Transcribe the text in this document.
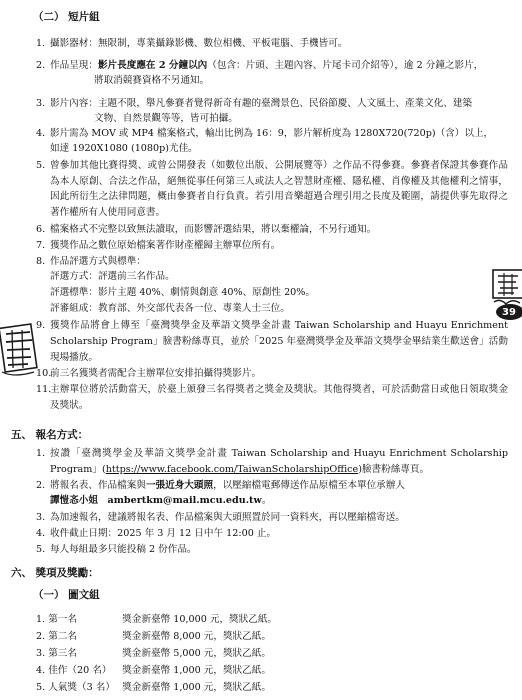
（二） 短片組
1. 攝影器材：無限制，專業攝錄影機、數位相機、平板電腦、手機皆可。
2. 作品呈現：影片長度應在 2 分鐘以內（包含：片頭、主題內容、片尾卡司介紹等），逾 2 分鐘之影片，
將取消競賽資格不另通知。
3. 影片內容：主題不限，舉凡參賽者覺得新奇有趣的臺灣景色、民俗節慶、人文風土、產業文化、建築
文物、自然景觀等等，皆可拍攝。
4. 影片需為 MOV 或 MP4 檔案格式，輸出比例為 16：9，影片解析度為 1280X720(720p)（含）以上，
如達 1920X1080 (1080p)尤佳。
5. 曾參加其他比賽得獎、或曾公開發表（如數位出版、公開展覽等）之作品不得參賽。參賽者保證其參賽作品為本人原創、合法之作品，絕無從事任何第三人或法人之智慧財產權、隱私權、肖像權及其他權利之情事，因此所衍生之法律問題，概由參賽者自行負責。若引用音樂超過合理引用之長度及範圍，請提供事先取得之著作權所有人使用同意書。
6. 檔案格式不完整以致無法讀取，而影響評選結果，將以棄權論，不另行通知。
7. 獲獎作品之數位原始檔案著作財產權歸主辦單位所有。
8. 作品評選方式與標準：
評選方式：評選前三名作品。
評選標準：影片主題 40%、劇情與創意 40%、原創性 20%。
評審組成：教育部、外交部代表各一位、專業人士三位。
9. 獲獎作品將會上傳至「臺灣獎學金及華語文獎學金計畫 Taiwan Scholarship and Huayu Enrichment Scholarship Program」臉書粉絲專頁，並於「2025 年臺灣獎學金及華語文獎學金畢結業生歡送會」活動現場播放。
10.
前三名獲獎者需配合主辦單位安排拍攝得獎影片。
11.
主辦單位將於活動當天，於臺上頒發三名得獎者之獎金及獎狀。其他得獎者，可於活動當日或他日領取獎金及獎狀。
五、 報名方式：
1. 按讚「臺灣獎學金及華語文獎學金計畫 Taiwan Scholarship and Huayu Enrichment Scholarship Program」(https://www.facebook.com/TaiwanScholarshipOffice)臉書粉絲專頁。
2. 將報名表、作品檔案與一張近身大頭照，以壓縮檔電郵傳送作品原檔至本單位承辦人
譚愷忞小姐　ambertkm@mail.mcu.edu.tw。
3. 為加速報名，建議將報名表、作品檔案與大頭照置於同一資料夾，再以壓縮檔寄送。
4. 收件截止日期：2025 年 3 月 12 日中午 12:00 止。
5. 每人每組最多只能投稿 2 份作品。
六、 獎項及獎勵：
（一） 圖文組
1. 第一名	獎金新臺幣 10,000 元，獎狀乙紙。
2. 第二名	獎金新臺幣 8,000 元，獎狀乙紙。
3. 第三名	獎金新臺幣 5,000 元，獎狀乙紙。
4. 佳作（20 名） 獎金新臺幣 1,000 元，獎狀乙紙。
5. 人氣獎（3 名） 獎金新臺幣 1,000 元，獎狀乙紙。
39
